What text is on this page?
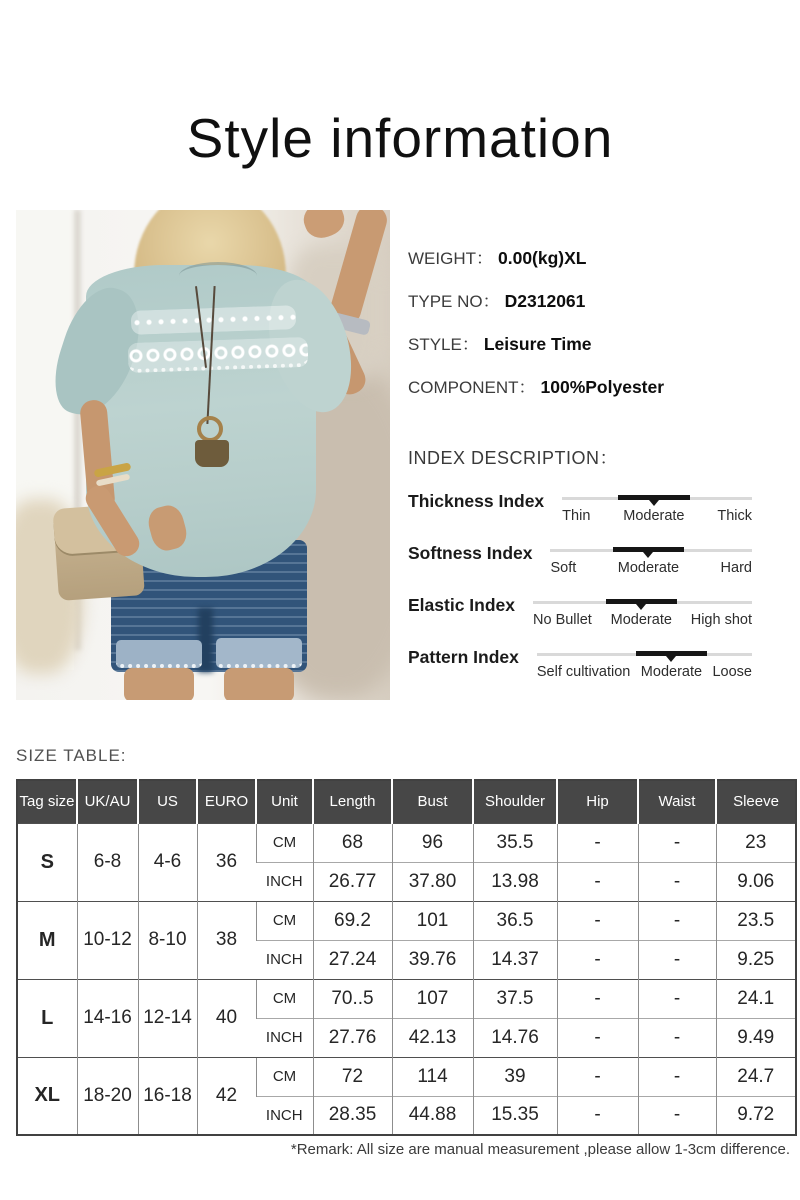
Style information
WEIGHT： 0.00(kg)XL
TYPE NO： D2312061
STYLE： Leisure Time
COMPONENT： 100%Polyester
INDEX DESCRIPTION：
Thickness Index
Thin Moderate Thick
Softness Index
Soft	Moderate	Hard
Elastic Index
No Bullet Moderate High shot
Pattern Index
Self cultivation Moderate Loose
SIZE TABLE:
Tag size	UK/AU	US	EURO	Unit	Length	Bust	Shoulder	Hip	Waist	Sleeve
S	6-8	4-6	36	CM	68	96	35.5	-	-	23
				INCH	26.77	37.80	13.98	-	-	9.06
M	10-12	8-10	38	CM	69.2	101	36.5	-	-	23.5
				INCH	27.24	39.76	14.37	-	-	9.25
L	14-16	12-14	40	CM	70..5	107	37.5	-	-	24.1
				INCH	27.76	42.13	14.76	-	-	9.49
XL	18-20	16-18	42	CM	72	114	39	-	-	24.7
				INCH	28.35	44.88	15.35	-	-	9.72
*Remark: All size are manual measurement ,please allow 1-3cm difference.
